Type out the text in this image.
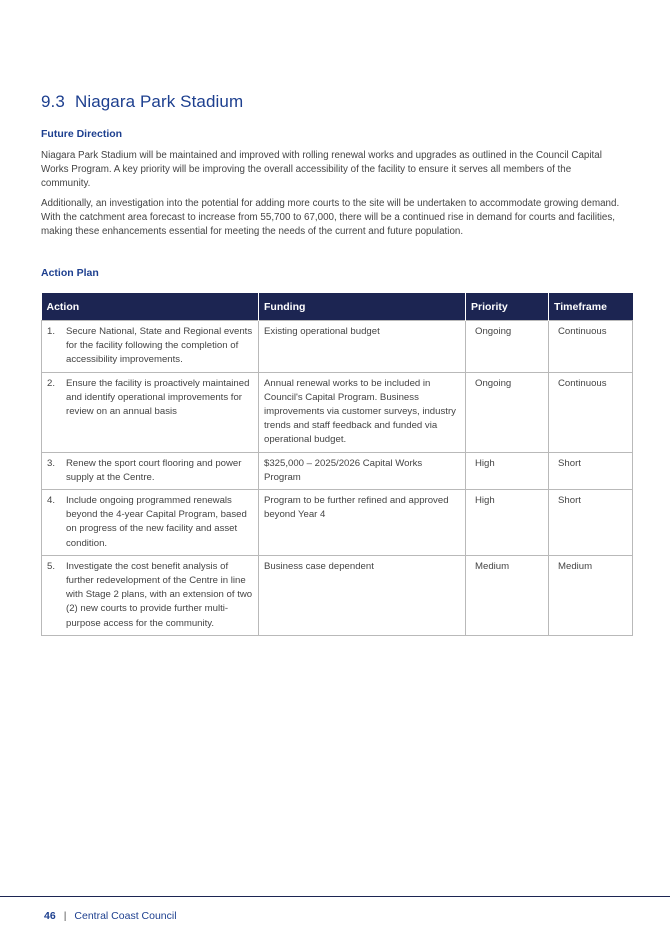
9.3 Niagara Park Stadium
Future Direction

Niagara Park Stadium will be maintained and improved with rolling renewal works and upgrades as outlined in the Council Capital Works Program. A key priority will be improving the overall accessibility of the facility to ensure it serves all members of the community.

Additionally, an investigation into the potential for adding more courts to the site will be undertaken to accommodate growing demand. With the catchment area forecast to increase from 55,700 to 67,000, there will be a continued rise in demand for courts and facilities, making these enhancements essential for meeting the needs of the current and future population.

Action Plan
Action	Funding	Priority	Timeframe

1. Secure National, State and Regional events for the facility following the completion of accessibility improvements.	Existing operational budget	Ongoing	Continuous

2. Ensure the facility is proactively maintained and identify operational improvements for review on an annual basis	Annual renewal works to be included in Council's Capital Program. Business improvements via customer surveys, industry trends and staff feedback and funded via operational budget.	Ongoing	Continuous

3. Renew the sport court flooring and power supply at the Centre.	$325,000 – 2025/2026 Capital Works Program	High	Short

4. Include ongoing programmed renewals beyond the 4-year Capital Program, based on progress of the new facility and asset condition.	Program to be further refined and approved beyond Year 4	High	Short

5. Investigate the cost benefit analysis of further redevelopment of the Centre in line with Stage 2 plans, with an extension of two (2) new courts to provide further multi-purpose access for the community.	Business case dependent	Medium	Medium
46 | Central Coast Council
